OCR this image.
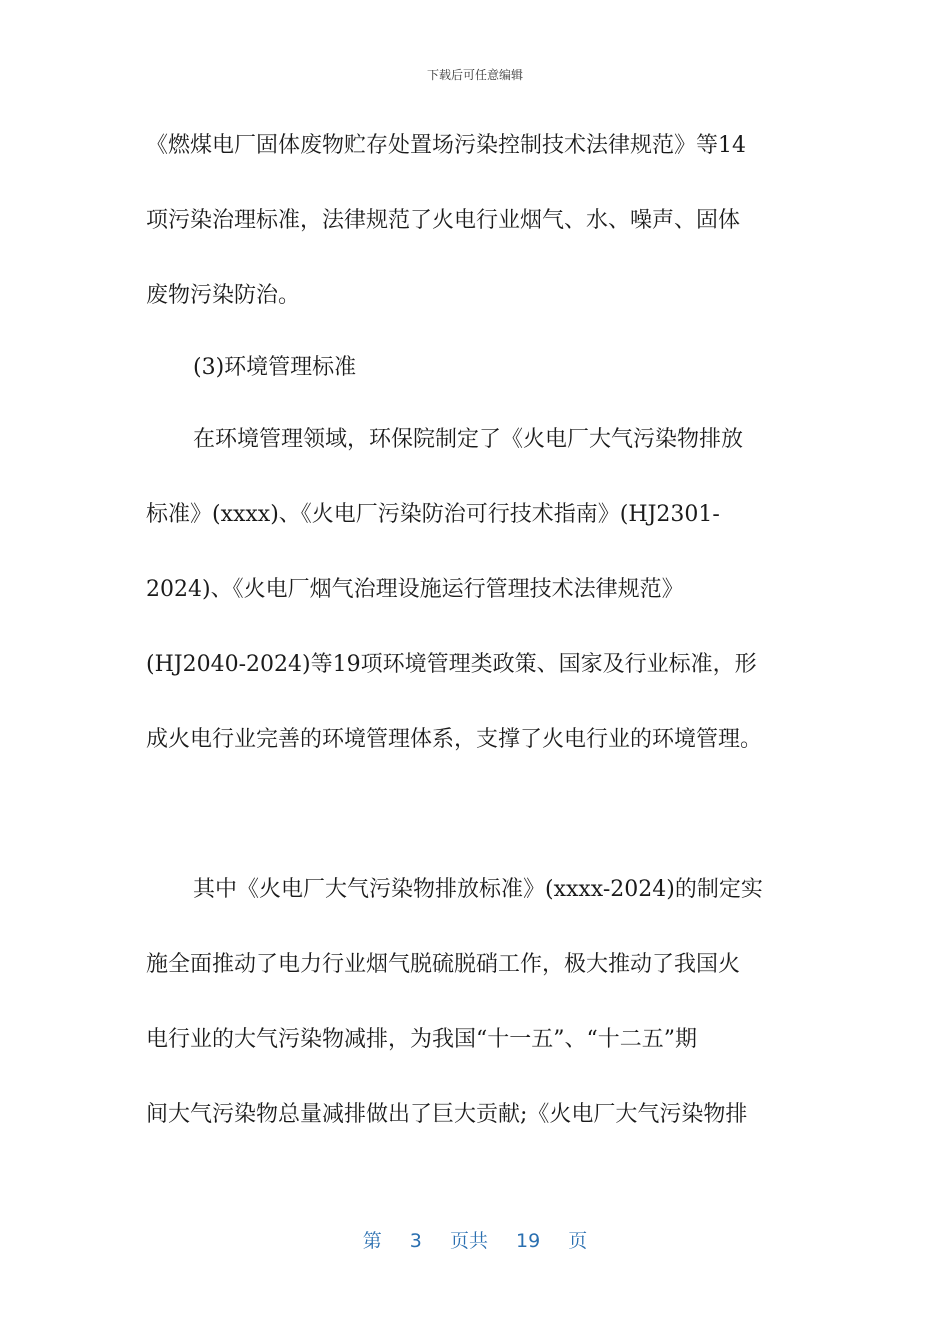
下载后可任意编辑
《燃煤电厂固体废物贮存处置场污染控制技术法律规范》等14
项污染治理标准，法律规范了火电行业烟气、水、噪声、固体
废物污染防治。
(3)环境管理标准
在环境管理领域，环保院制定了《火电厂大气污染物排放
标准》(xxxx)、《火电厂污染防治可行技术指南》(HJ2301-
2024)、《火电厂烟气治理设施运行管理技术法律规范》
(HJ2040-2024)等19项环境管理类政策、国家及行业标准，形
成火电行业完善的环境管理体系，支撑了火电行业的环境管理。
其中《火电厂大气污染物排放标准》(xxxx-2024)的制定实
施全面推动了电力行业烟气脱硫脱硝工作，极大推动了我国火
电行业的大气污染物减排，为我国“十一五”、“十二五”期
间大气污染物总量减排做出了巨大贡献;《火电厂大气污染物排
第 3 页共 19 页
